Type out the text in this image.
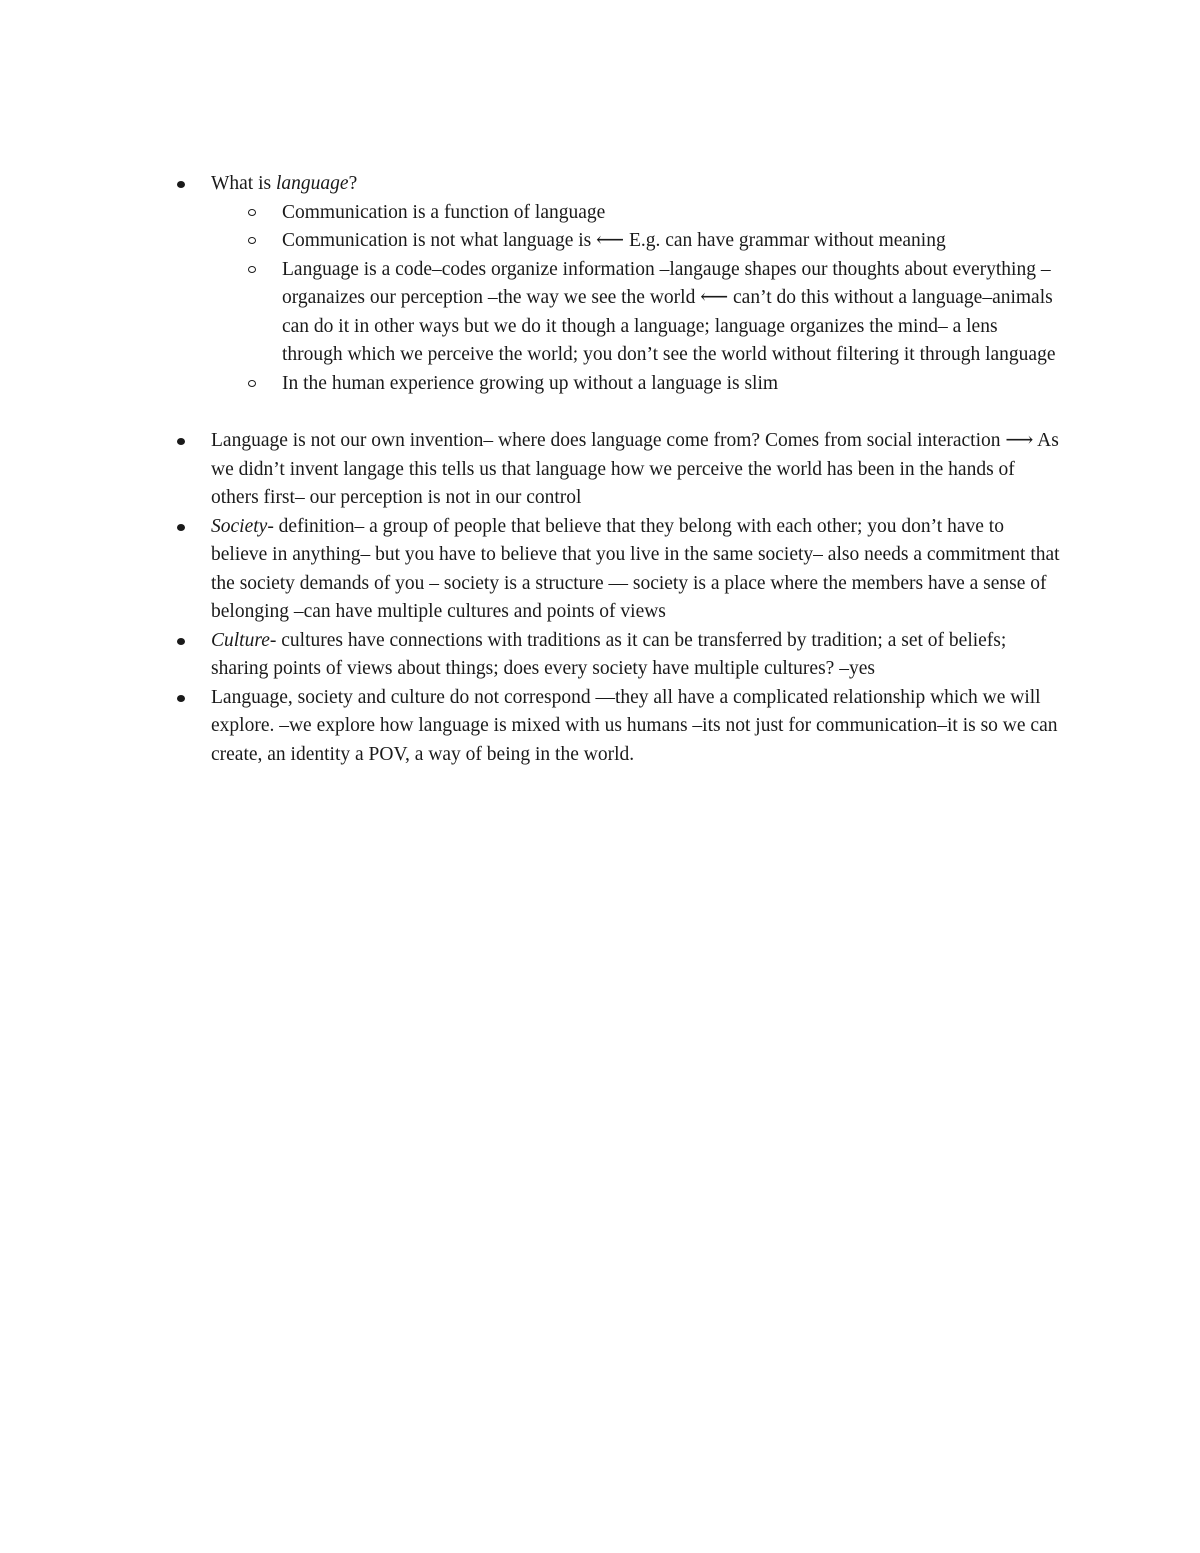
What is language?
Communication is a function of language
Communication is not what language is ⟵ E.g. can have grammar without meaning
Language is a code–codes organize information –langauge shapes our thoughts about everything –organaizes our perception –the way we see the world ⟵ can’t do this without a language–animals can do it in other ways but we do it though a language; language organizes the mind– a lens through which we perceive the world; you don’t see the world without filtering it through language
In the human experience growing up without a language is slim
Language is not our own invention– where does language come from? Comes from social interaction ⟶ As we didn’t invent langage this tells us that language how we perceive the world has been in the hands of others first– our perception is not in our control
Society- definition– a group of people that believe that they belong with each other; you don’t have to believe in anything– but you have to believe that you live in the same society– also needs a commitment that the society demands of you – society is a structure — society is a place where the members have a sense of belonging –can have multiple cultures and points of views
Culture- cultures have connections with traditions as it can be transferred by tradition; a set of beliefs; sharing points of views about things; does every society have multiple cultures? –yes
Language, society and culture do not correspond —they all have a complicated relationship which we will explore. –we explore how language is mixed with us humans –its not just for communication–it is so we can create, an identity a POV, a way of being in the world.
